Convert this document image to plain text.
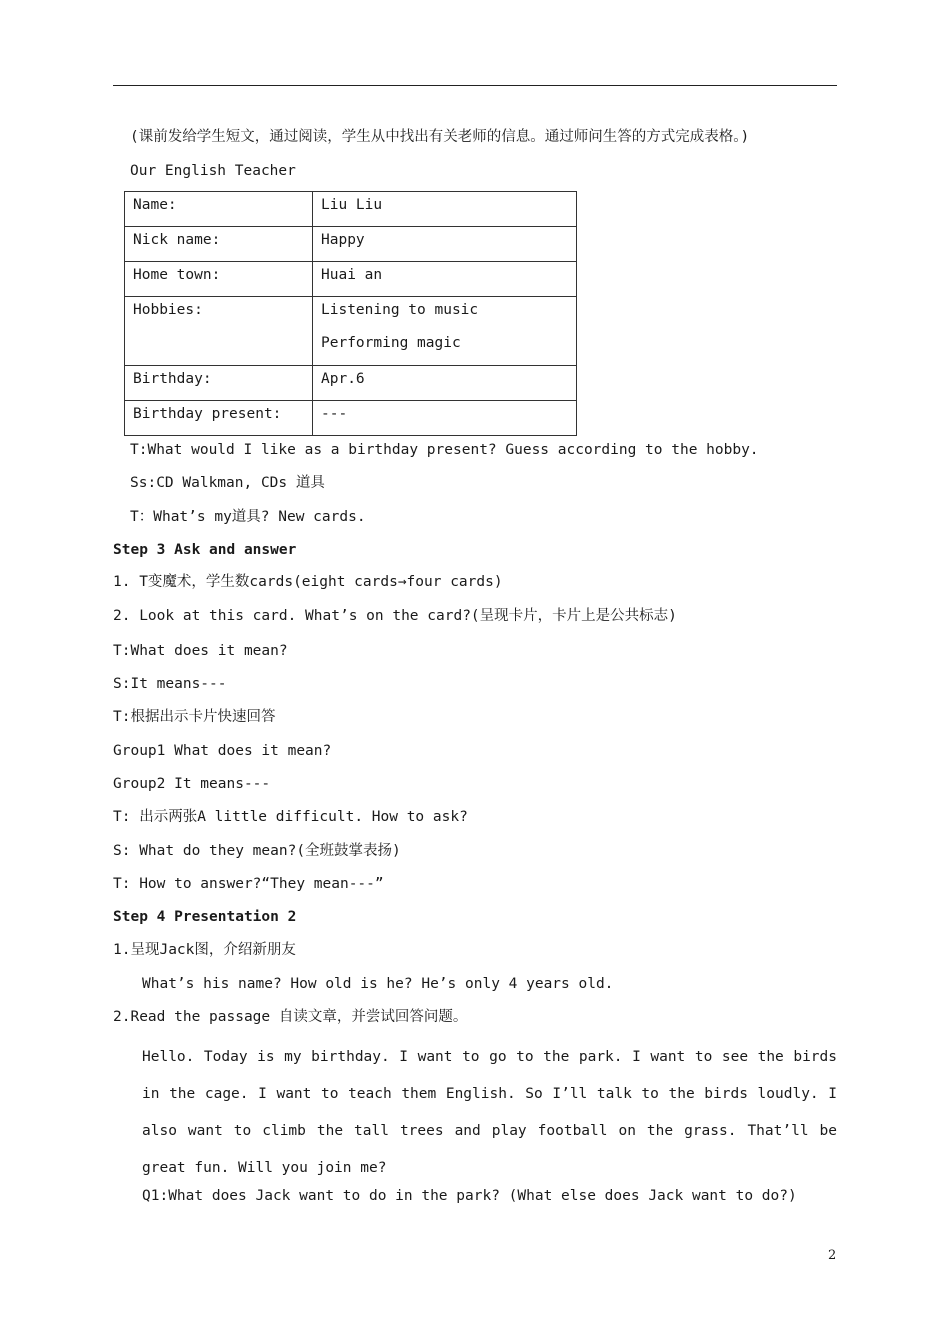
(课前发给学生短文，通过阅读，学生从中找出有关老师的信息。通过师问生答的方式完成表格。)
Our English Teacher
Name:	Liu Liu
Nick name:	Happy
Home town:	Huai an
Hobbies:	Listening to music
Performing magic

Birthday:	Apr.6
Birthday present:	---
T:What would I like as a birthday present? Guess according to the hobby.
Ss:CD Walkman, CDs 道具
T：What’s my道具? New cards.
Step 3 Ask and answer
1. T变魔术，学生数cards(eight cards→four cards)
2. Look at this card. What’s on the card?(呈现卡片，卡片上是公共标志)
T:What does it mean?
S:It means---
T:根据出示卡片快速回答
Group1 What does it mean?
Group2 It means---
T: 出示两张A little difficult. How to ask?
S: What do they mean?(全班鼓掌表扬)
T: How to answer?“They mean---”
Step 4 Presentation 2
1.呈现Jack图，介绍新朋友
What’s his name? How old is he? He’s only 4 years old.
2.Read the passage 自读文章，并尝试回答问题。
Hello. Today is my birthday. I want to go to the park. I want to see the birds in the cage. I want to teach them English. So I’ll talk to the birds loudly. I also want to climb the tall trees and play football on the grass. That’ll be great fun. Will you join me?
Q1:What does Jack want to do in the park? (What else does Jack want to do?)
2
